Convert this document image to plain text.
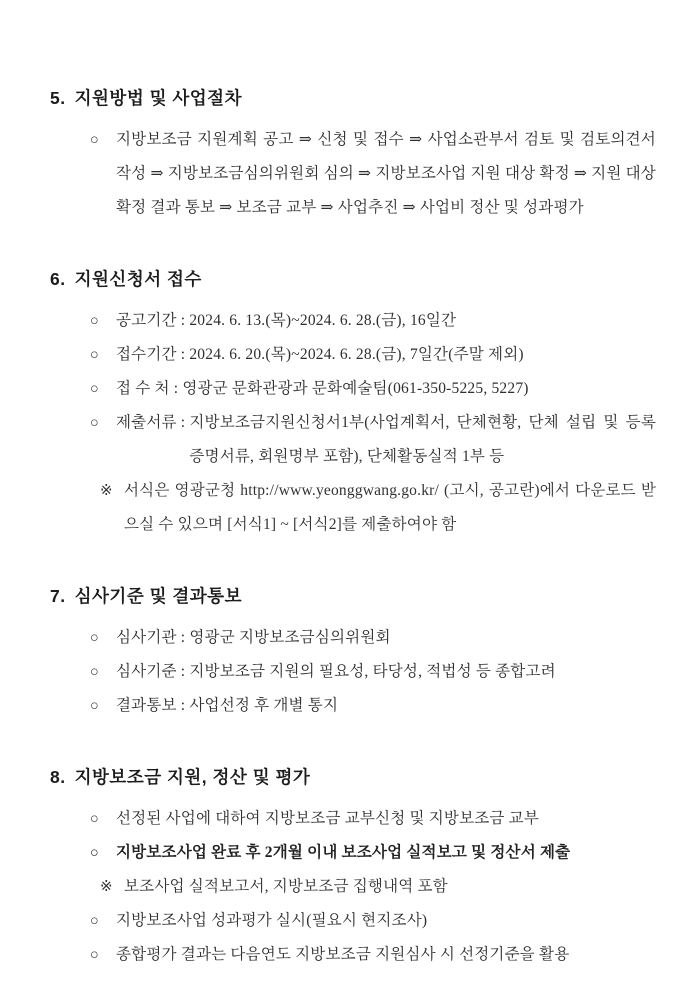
5. 지원방법 및 사업절차
○	지방보조금 지원계획 공고 ⇒ 신청 및 접수 ⇒ 사업소관부서 검토 및 검토의견서 작성 ⇒ 지방보조금심의위원회 심의 ⇒ 지방보조사업 지원 대상 확정 ⇒ 지원 대상 확정 결과 통보 ⇒ 보조금 교부 ⇒ 사업추진 ⇒ 사업비 정산 및 성과평가
6. 지원신청서 접수
○	공고기간 : 2024. 6. 13.(목)~2024. 6. 28.(금), 16일간
○	접수기간 : 2024. 6. 20.(목)~2024. 6. 28.(금), 7일간(주말 제외)
○	접 수 처 : 영광군 문화관광과 문화예술팀(061-350-5225, 5227)
○	제출서류 : 지방보조금지원신청서1부(사업계획서, 단체현황, 단체 설립 및 등록 증명서류, 회원명부 포함), 단체활동실적 1부 등
※ 서식은 영광군청 http://www.yeonggwang.go.kr/ (고시, 공고란)에서 다운로드 받으실 수 있으며 [서식1] ~ [서식2]를 제출하여야 함
7. 심사기준 및 결과통보
○	심사기관 : 영광군 지방보조금심의위원회
○	심사기준 : 지방보조금 지원의 필요성, 타당성, 적법성 등 종합고려
○	결과통보 : 사업선정 후 개별 통지
8. 지방보조금 지원, 정산 및 평가
○	선정된 사업에 대하여 지방보조금 교부신청 및 지방보조금 교부
○	지방보조사업 완료 후 2개월 이내 보조사업 실적보고 및 정산서 제출
※ 보조사업 실적보고서, 지방보조금 집행내역 포함
○	지방보조사업 성과평가 실시(필요시 현지조사)
○	종합평가 결과는 다음연도 지방보조금 지원심사 시 선정기준을 활용
